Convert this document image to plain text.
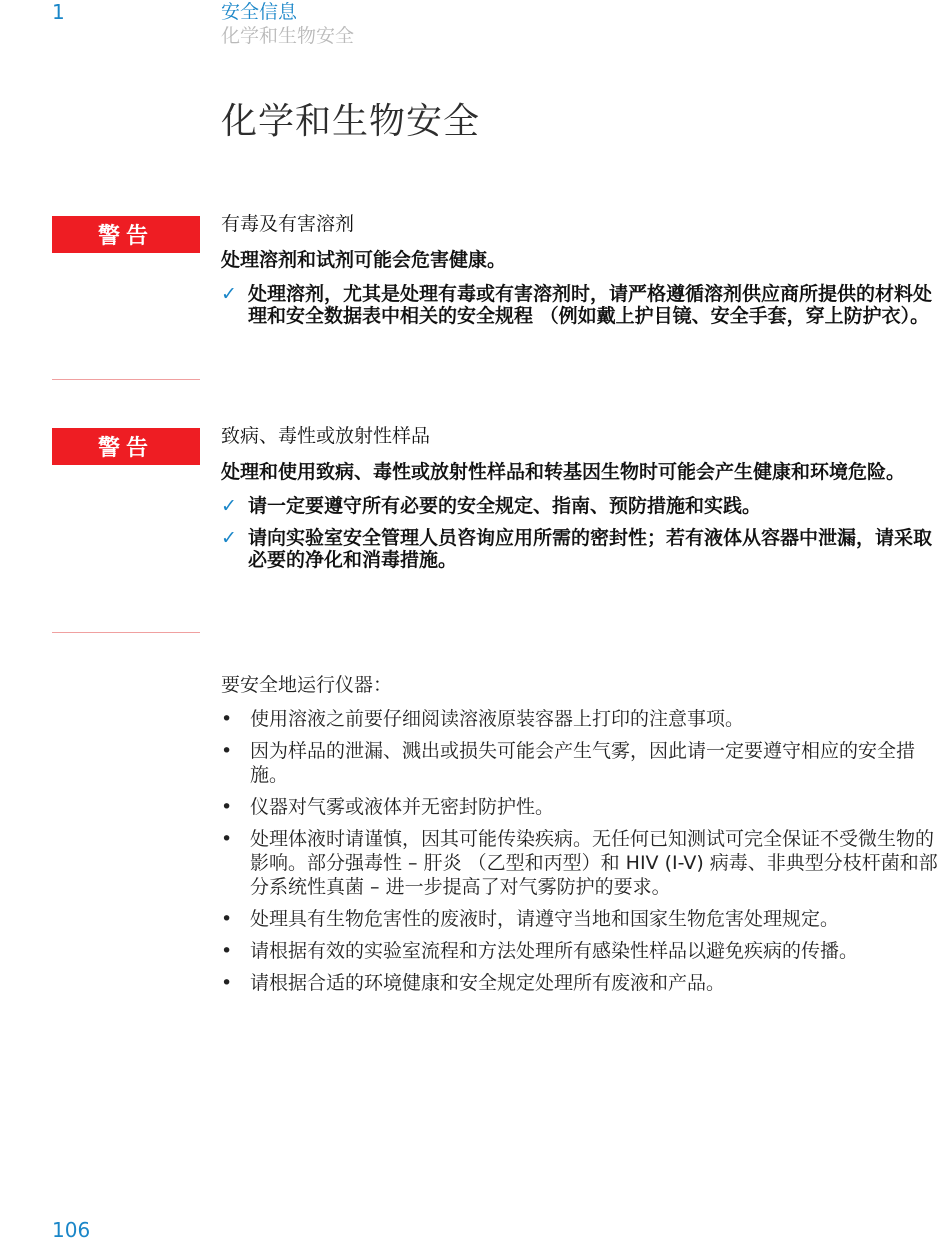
1	安全信息
化学和生物安全
化学和生物安全
警告	有毒及有害溶剂
处理溶剂和试剂可能会危害健康。
✓ 处理溶剂，尤其是处理有毒或有害溶剂时，请严格遵循溶剂供应商所提供的材料处理和安全数据表中相关的安全规程 （例如戴上护目镜、安全手套，穿上防护衣）。
警告	致病、毒性或放射性样品
处理和使用致病、毒性或放射性样品和转基因生物时可能会产生健康和环境危险。
✓ 请一定要遵守所有必要的安全规定、指南、预防措施和实践。
✓ 请向实验室安全管理人员咨询应用所需的密封性；若有液体从容器中泄漏，请采取必要的净化和消毒措施。
要安全地运行仪器：
• 使用溶液之前要仔细阅读溶液原装容器上打印的注意事项。
• 因为样品的泄漏、溅出或损失可能会产生气雾，因此请一定要遵守相应的安全措施。
• 仪器对气雾或液体并无密封防护性。
• 处理体液时请谨慎，因其可能传染疾病。无任何已知测试可完全保证不受微生物的影响。部分强毒性 – 肝炎 （乙型和丙型）和 HIV (I-V) 病毒、非典型分枝杆菌和部分系统性真菌 – 进一步提高了对气雾防护的要求。
• 处理具有生物危害性的废液时，请遵守当地和国家生物危害处理规定。
• 请根据有效的实验室流程和方法处理所有感染性样品以避免疾病的传播。
• 请根据合适的环境健康和安全规定处理所有废液和产品。
106
